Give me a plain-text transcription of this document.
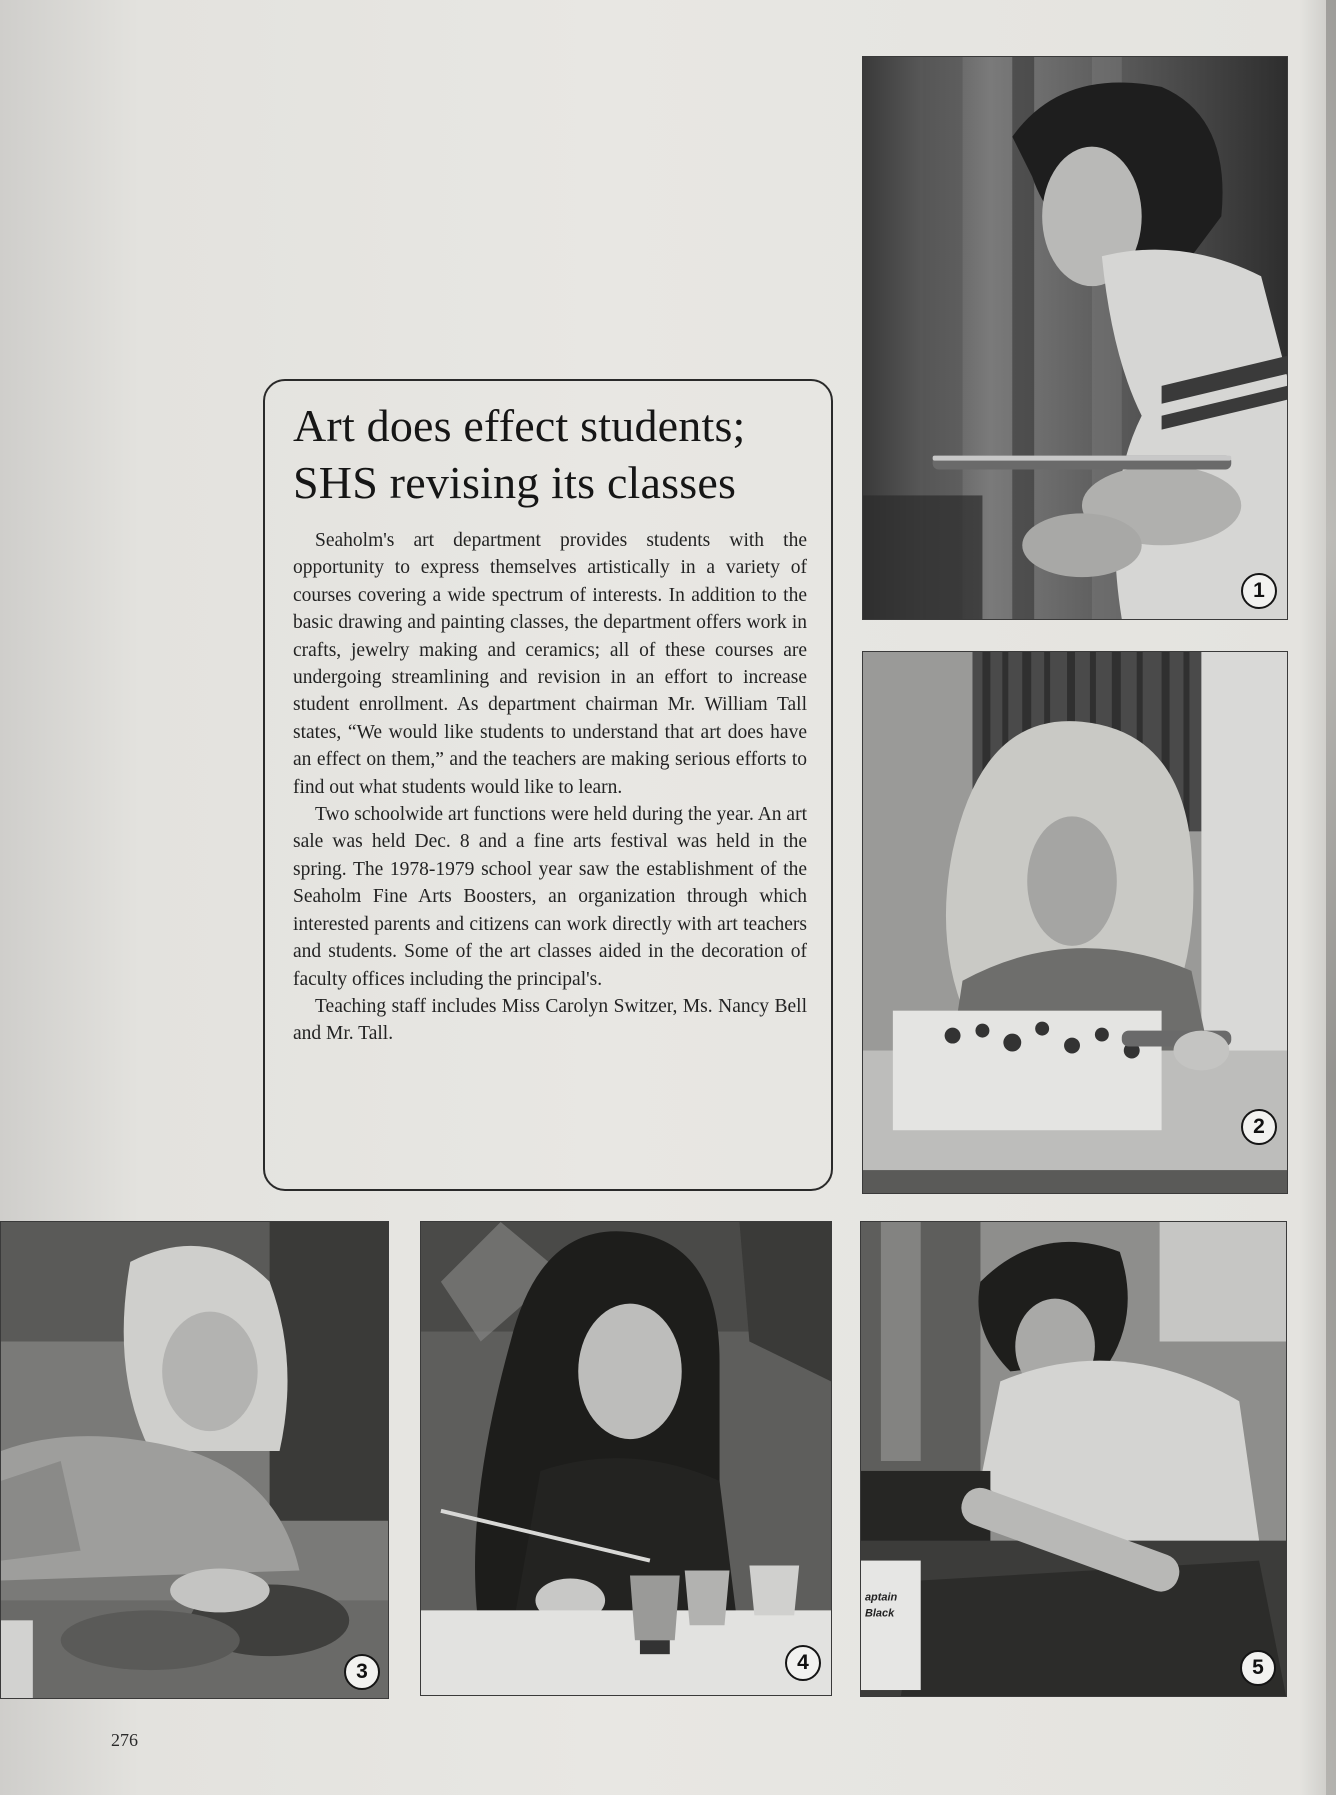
Art does effect students;
SHS revising its classes

Seaholm's art department provides students with the opportunity to express themselves artistically in a variety of courses covering a wide spectrum of interests. In addition to the basic drawing and painting classes, the department offers work in crafts, jewelry making and ceramics; all of these courses are undergoing streamlining and revision in an effort to increase student enrollment. As department chairman Mr. William Tall states, “We would like students to understand that art does have an effect on them,” and the teachers are making serious efforts to find out what students would like to learn.

Two schoolwide art functions were held during the year. An art sale was held Dec. 8 and a fine arts festival was held in the spring. The 1978-1979 school year saw the establishment of the Seaholm Fine Arts Boosters, an organization through which interested parents and citizens can work directly with art teachers and students. Some of the art classes aided in the decoration of faculty offices including the principal's.

Teaching staff includes Miss Carolyn Switzer, Ms. Nancy Bell and Mr. Tall.

1
2
3	4
aptain
Black
5
276
